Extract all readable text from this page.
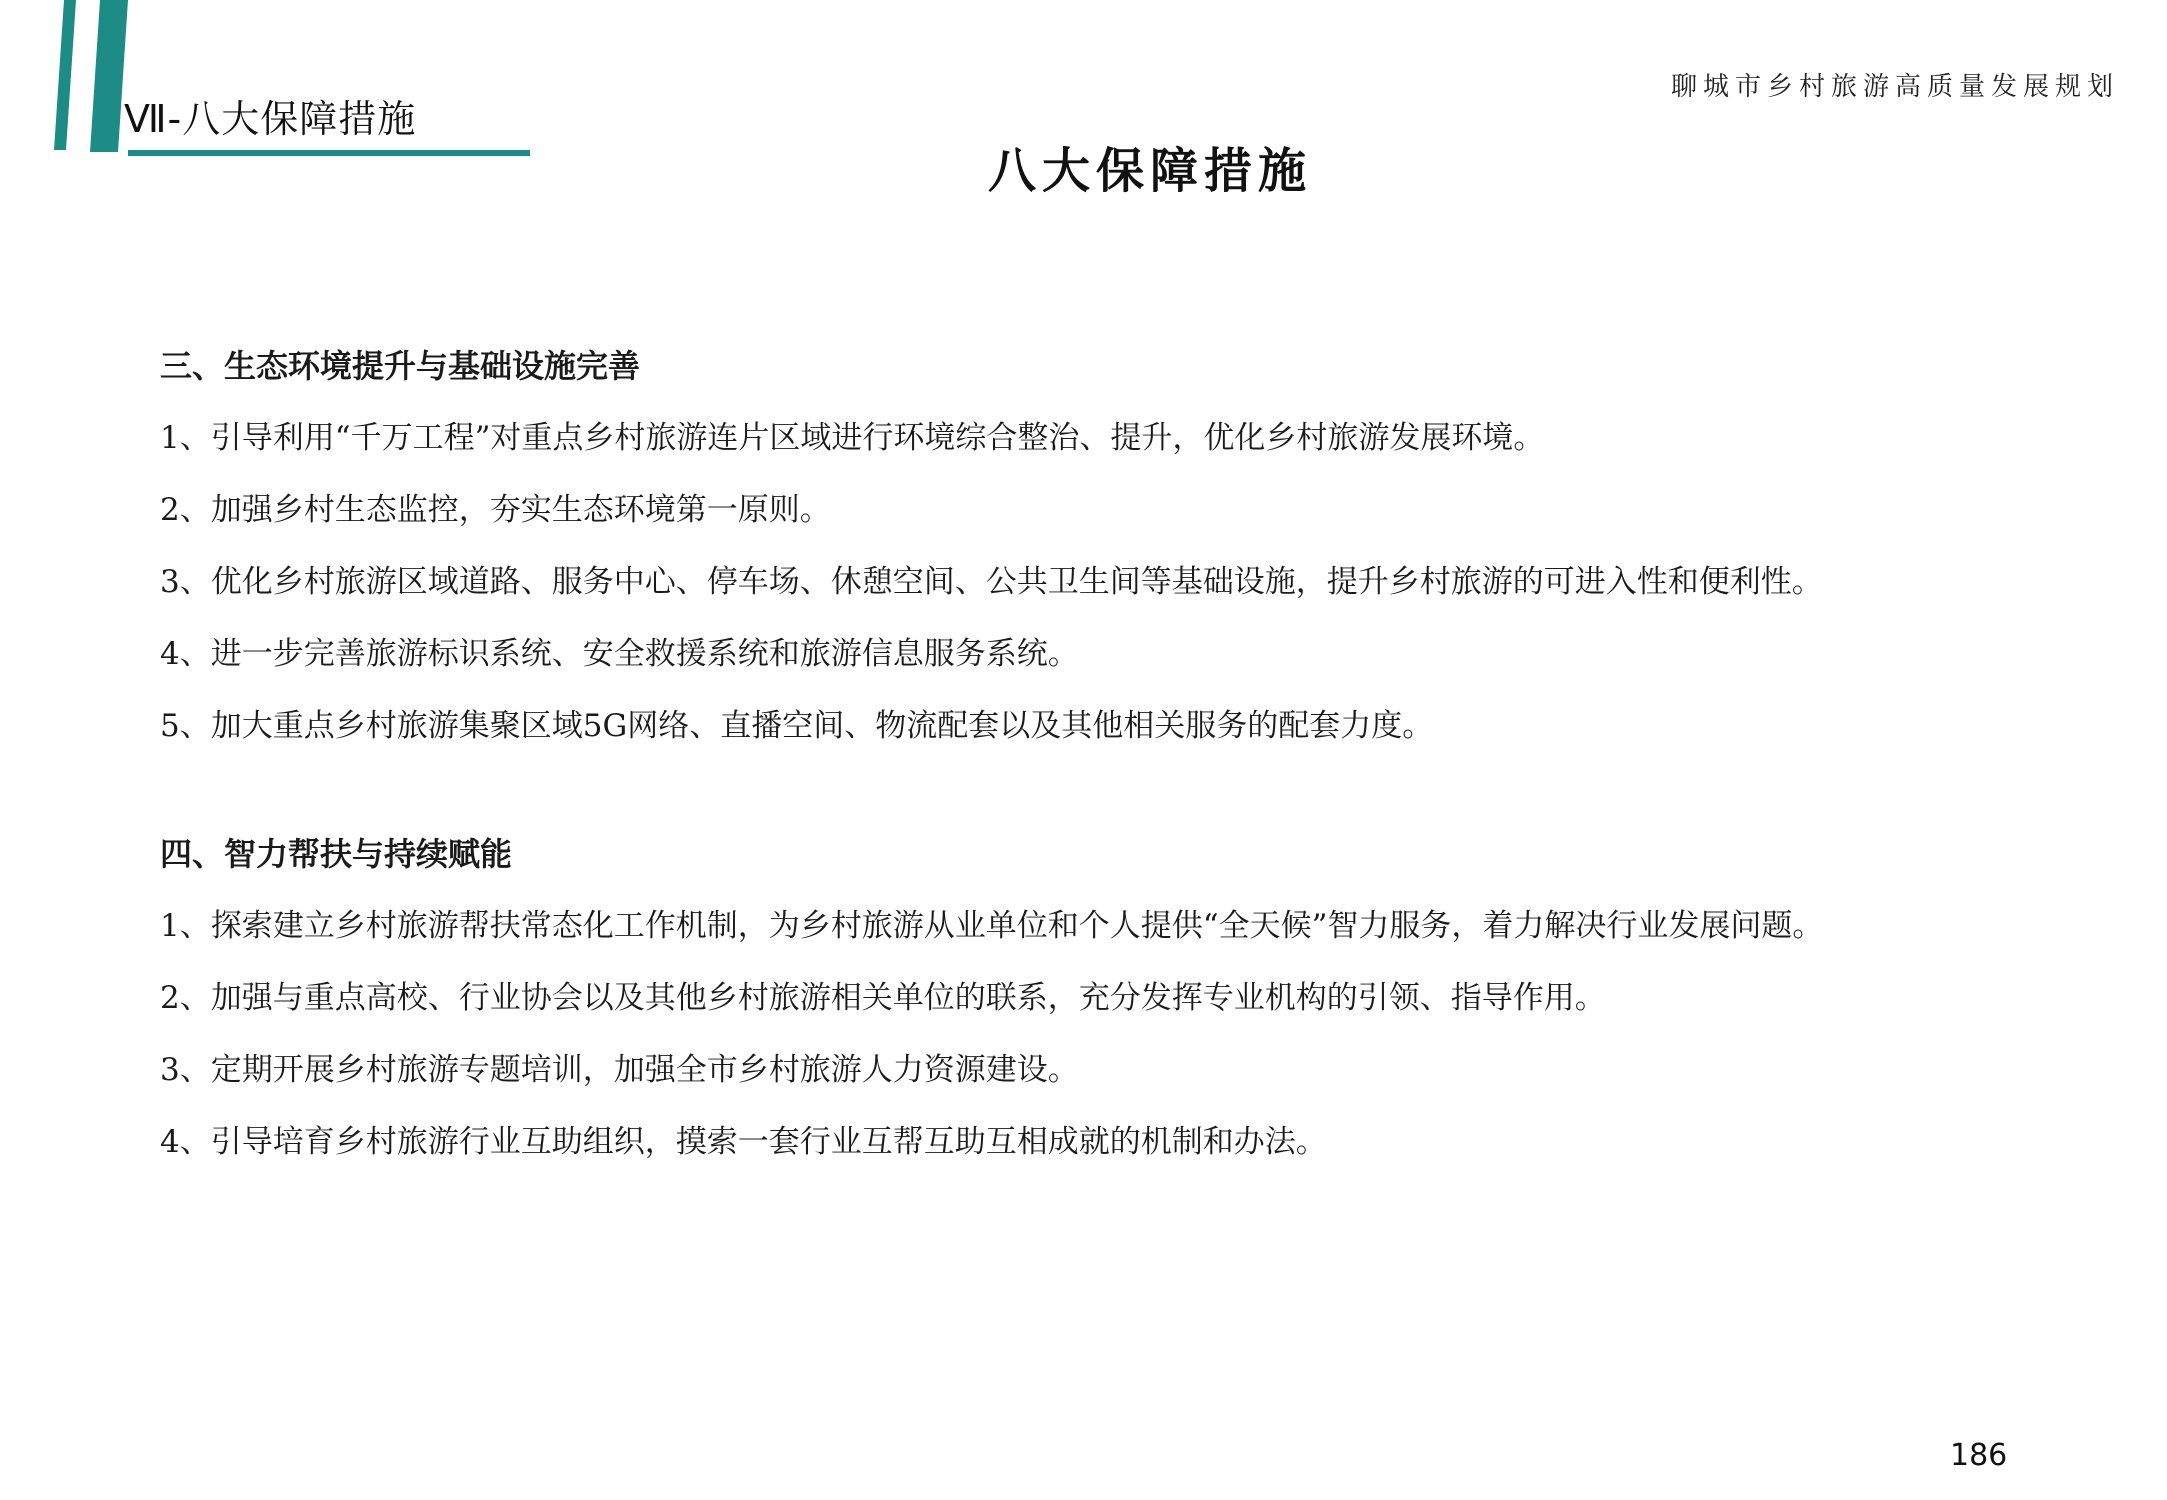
Ⅶ-八大保障措施
聊城市乡村旅游高质量发展规划
八大保障措施
三、生态环境提升与基础设施完善
1、引导利用“千万工程”对重点乡村旅游连片区域进行环境综合整治、提升，优化乡村旅游发展环境。
2、加强乡村生态监控，夯实生态环境第一原则。
3、优化乡村旅游区域道路、服务中心、停车场、休憩空间、公共卫生间等基础设施，提升乡村旅游的可进入性和便利性。
4、进一步完善旅游标识系统、安全救援系统和旅游信息服务系统。
5、加大重点乡村旅游集聚区域5G网络、直播空间、物流配套以及其他相关服务的配套力度。
四、智力帮扶与持续赋能
1、探索建立乡村旅游帮扶常态化工作机制，为乡村旅游从业单位和个人提供“全天候”智力服务，着力解决行业发展问题。
2、加强与重点高校、行业协会以及其他乡村旅游相关单位的联系，充分发挥专业机构的引领、指导作用。
3、定期开展乡村旅游专题培训，加强全市乡村旅游人力资源建设。
4、引导培育乡村旅游行业互助组织，摸索一套行业互帮互助互相成就的机制和办法。
186
